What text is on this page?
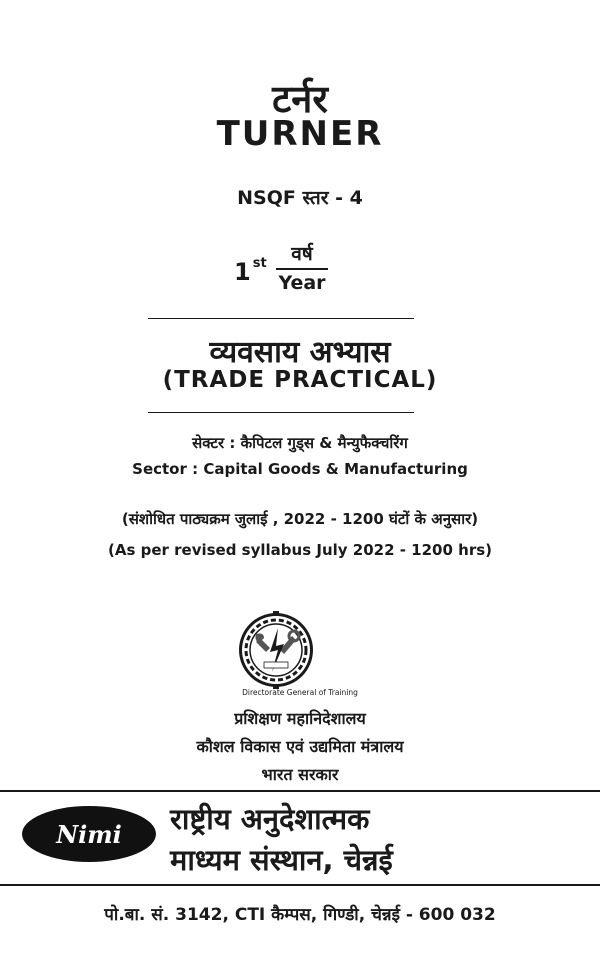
टर्नर
TURNER
NSQF स्तर - 4
1 $^{st}$	वर्ष
Year
व्यवसाय अभ्यास
(TRADE PRACTICAL)
सेक्टर : कैपिटल गुड्स & मैन्युफैक्चरिंग
Sector : Capital Goods & Manufacturing
(संशोधित पाठ्यक्रम जुलाई , 2022 - 1200 घंटों के अनुसार)
(As per revised syllabus July 2022 - 1200 hrs)
Directorate General of Training
प्रशिक्षण महानिदेशालय
कौशल विकास एवं उद्यमिता मंत्रालय
भारत सरकार
Nimi राष्ट्रीय अनुदेशात्मक
माध्यम संस्थान, चेन्नई
पो.बा. सं. 3142, CTI कैम्पस, गिण्डी, चेन्नई - 600 032
